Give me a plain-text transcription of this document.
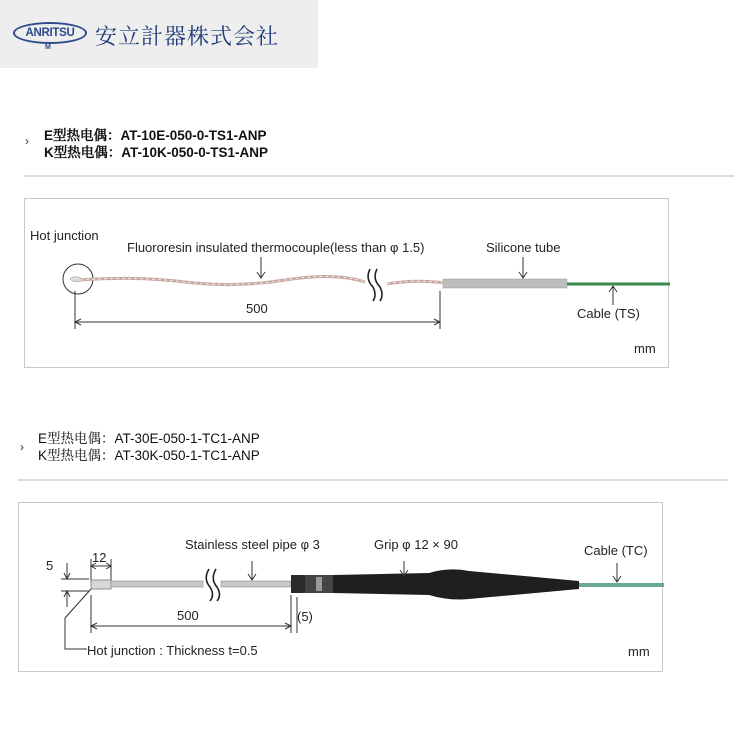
ANRITSU
M 安立計器株式会社
› E型热电偶：AT-10E-050-0-TS1-ANP
K型热电偶：AT-10K-050-0-TS1-ANP
Hot junction
Fluororesin insulated thermocouple(less than φ 1.5)	Silicone tube
500	Cable (TS)
mm
›
E型热电偶：AT-30E-050-1-TC1-ANP
K型热电偶：AT-30K-050-1-TC1-ANP
5
12
Stainless steel pipe φ 3	Grip φ 12 × 90	Cable (TC)
500	(5)
Hot junction : Thickness t=0.5	mm
